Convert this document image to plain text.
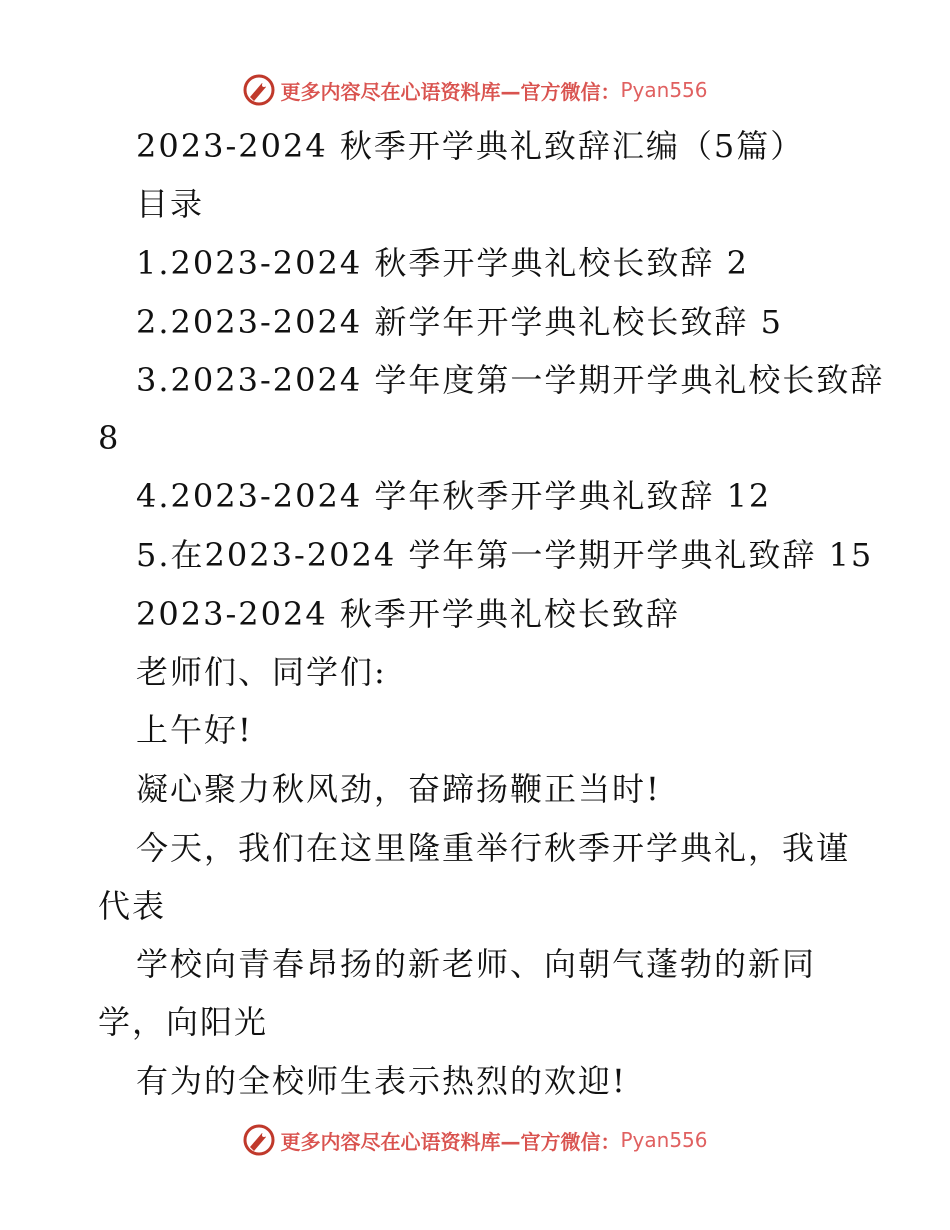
更多内容尽在心语资料库—官方微信： Pyan556
2023-2024 秋季开学典礼致辞汇编（5篇）
目录
1.2023-2024 秋季开学典礼校长致辞 2
2.2023-2024 新学年开学典礼校长致辞 5
3.2023-2024 学年度第一学期开学典礼校长致辞
8
4.2023-2024 学年秋季开学典礼致辞 12
5.在2023-2024 学年第一学期开学典礼致辞 15
2023-2024 秋季开学典礼校长致辞
老师们、同学们:
上午好!
凝心聚力秋风劲，奋蹄扬鞭正当时!
今天，我们在这里隆重举行秋季开学典礼，我谨
代表
学校向青春昂扬的新老师、向朝气蓬勃的新同
学，向阳光
有为的全校师生表示热烈的欢迎!
更多内容尽在心语资料库—官方微信： Pyan556
